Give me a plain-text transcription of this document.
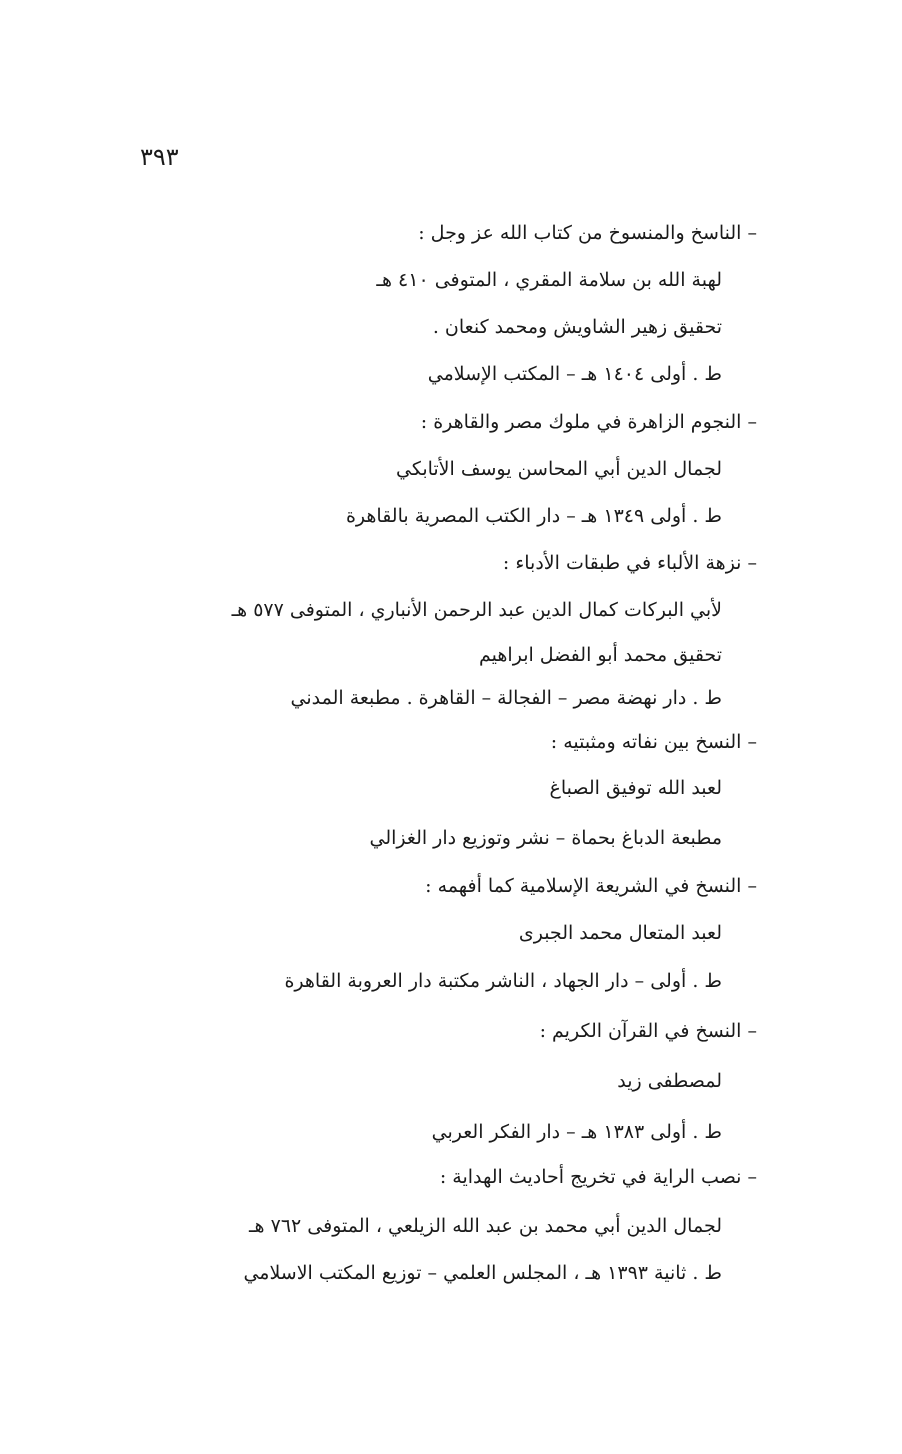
٣٩٣
– الناسخ والمنسوخ من كتاب الله عز وجل :
لهبة الله بن سلامة المقري ، المتوفى ٤١٠ هـ
تحقيق زهير الشاويش ومحمد كنعان .
ط . أولى ١٤٠٤ هـ – المكتب الإسلامي
– النجوم الزاهرة في ملوك مصر والقاهرة :
لجمال الدين أبي المحاسن يوسف الأتابكي
ط . أولى ١٣٤٩ هـ – دار الكتب المصرية بالقاهرة
– نزهة الألباء في طبقات الأدباء :
لأبي البركات كمال الدين عبد الرحمن الأنباري ، المتوفى ٥٧٧ هـ
تحقيق محمد أبو الفضل ابراهيم
ط . دار نهضة مصر – الفجالة – القاهرة . مطبعة المدني
– النسخ بين نفاته ومثبتيه :
لعبد الله توفيق الصباغ
مطبعة الدباغ بحماة – نشر وتوزيع دار الغزالي
– النسخ في الشريعة الإسلامية كما أفهمه :
لعبد المتعال محمد الجبرى
ط . أولى – دار الجهاد ، الناشر مكتبة دار العروبة القاهرة
– النسخ في القرآن الكريم :
لمصطفى زيد
ط . أولى ١٣٨٣ هـ – دار الفكر العربي
– نصب الراية في تخريج أحاديث الهداية :
لجمال الدين أبي محمد بن عبد الله الزيلعي ، المتوفى ٧٦٢ هـ
ط . ثانية ١٣٩٣ هـ ، المجلس العلمي – توزيع المكتب الاسلامي
